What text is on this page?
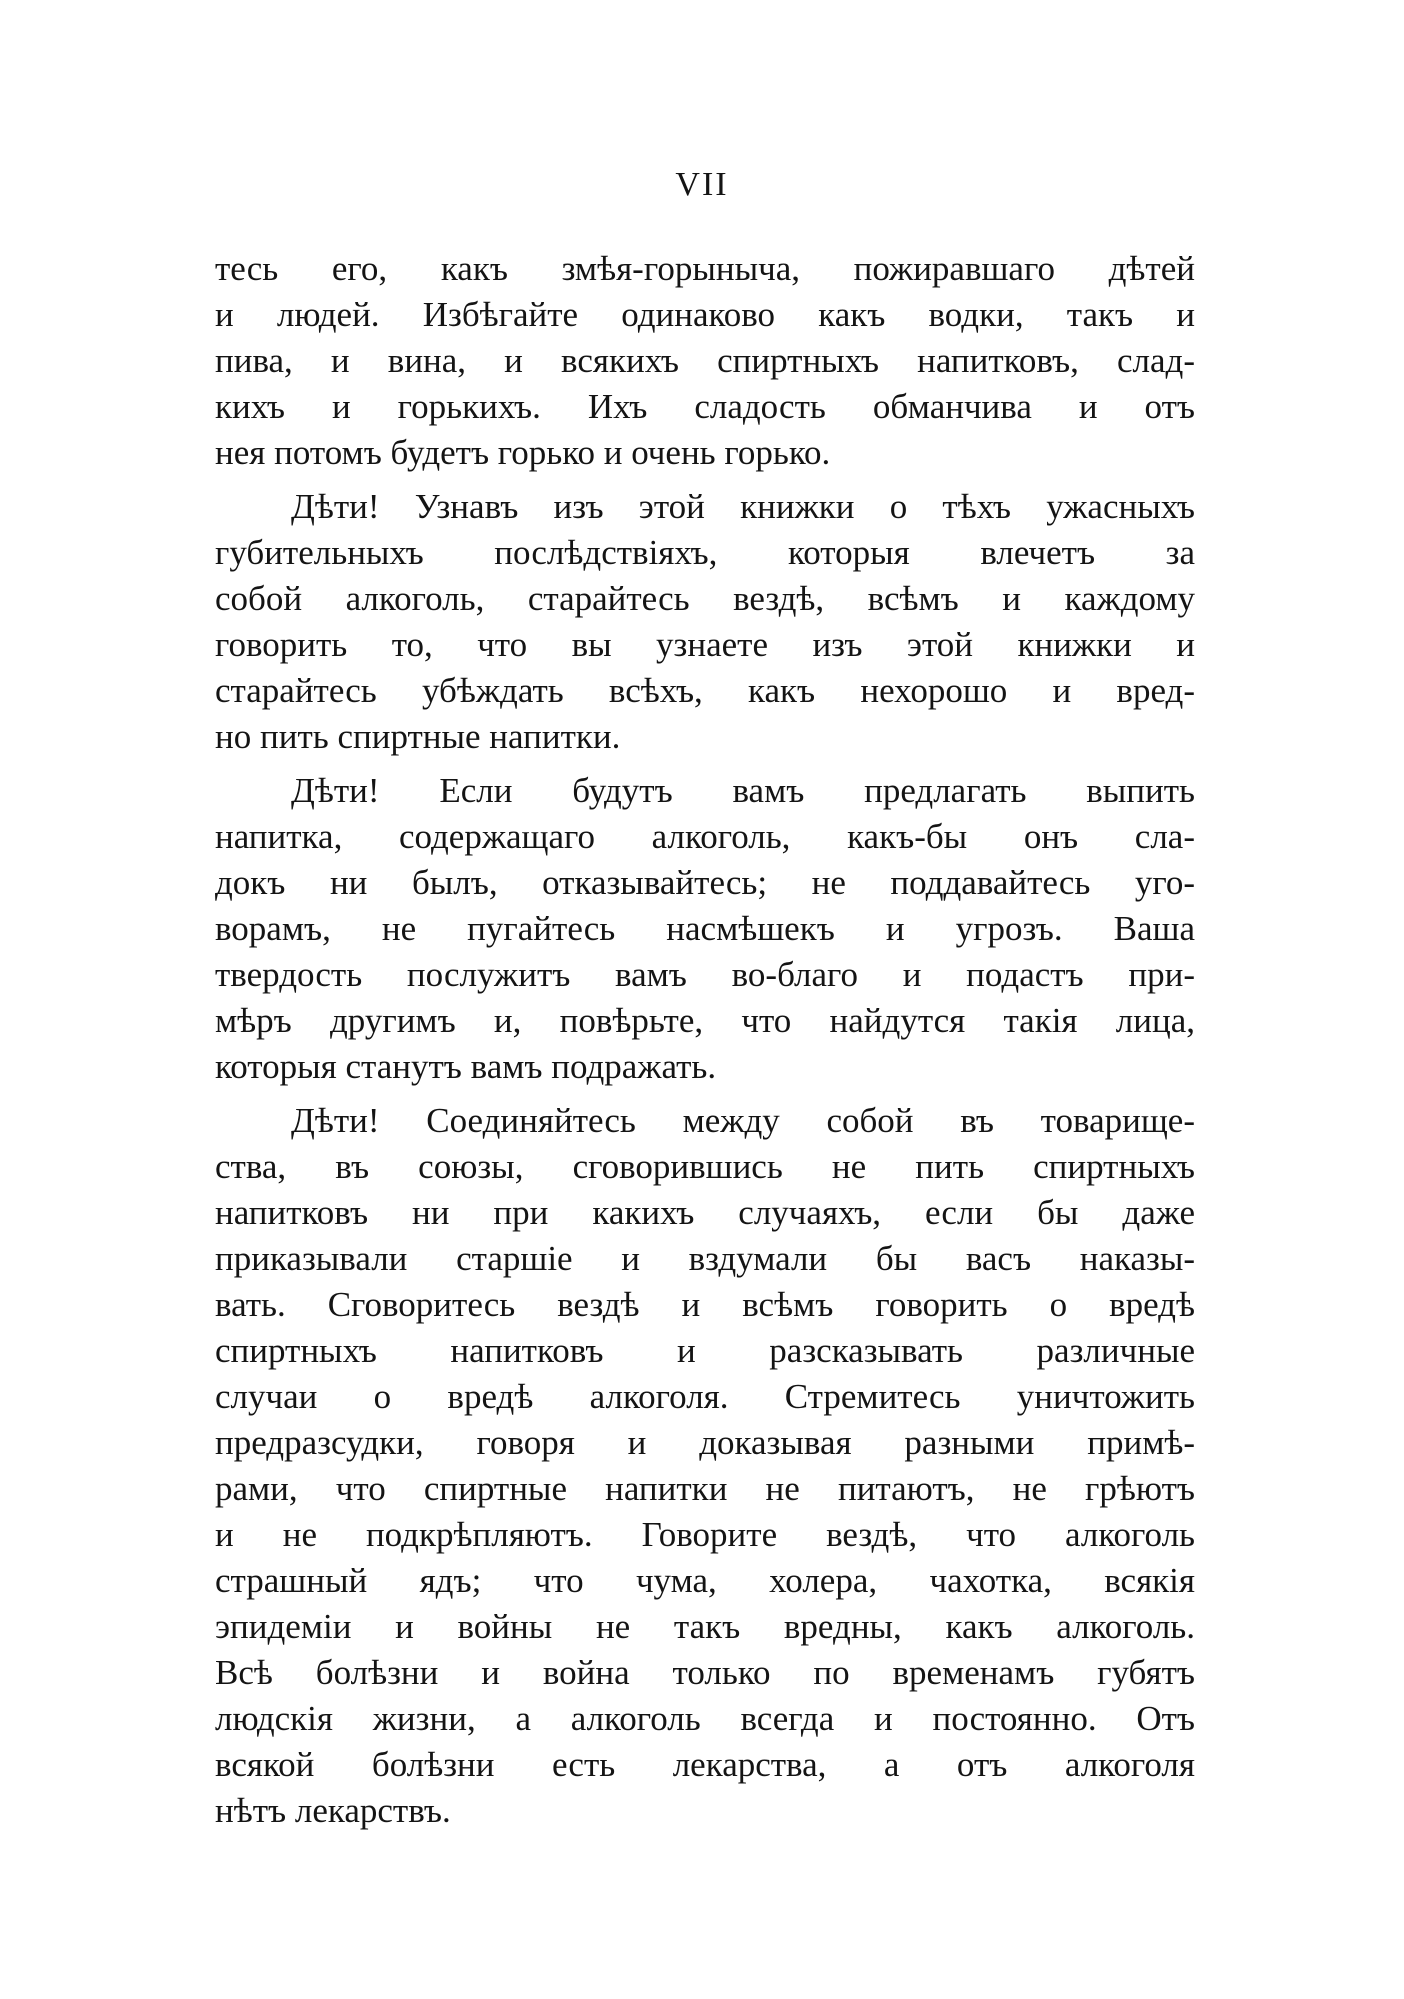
VII
тесь его, какъ змѣя-горыныча, пожиравшаго дѣтей
и людей. Избѣгайте одинаково какъ водки, такъ и
пива, и вина, и всякихъ спиртныхъ напитковъ, слад-
кихъ и горькихъ. Ихъ сладость обманчива и отъ
нея потомъ будетъ горько и очень горько.
Дѣти! Узнавъ изъ этой книжки о тѣхъ ужасныхъ
губительныхъ послѣдствіяхъ, которыя влечетъ за
собой алкоголь, старайтесь вездѣ, всѣмъ и каждому
говорить то, что вы узнаете изъ этой книжки и
старайтесь убѣждать всѣхъ, какъ нехорошо и вред-
но пить спиртные напитки.
Дѣти! Если будутъ вамъ предлагать выпить
напитка, содержащаго алкоголь, какъ-бы онъ сла-
докъ ни былъ, отказывайтесь; не поддавайтесь уго-
ворамъ, не пугайтесь насмѣшекъ и угрозъ. Ваша
твердость послужитъ вамъ во-благо и подастъ при-
мѣръ другимъ и, повѣрьте, что найдутся такія лица,
которыя станутъ вамъ подражать.
Дѣти! Соединяйтесь между собой въ товарище-
ства, въ союзы, сговорившись не пить спиртныхъ
напитковъ ни при какихъ случаяхъ, если бы даже
приказывали старшіе и вздумали бы васъ наказы-
вать. Сговоритесь вездѣ и всѣмъ говорить о вредѣ
спиртныхъ напитковъ и разсказывать различные
случаи о вредѣ алкоголя. Стремитесь уничтожить
предразсудки, говоря и доказывая разными примѣ-
рами, что спиртные напитки не питаютъ, не грѣютъ
и не подкрѣпляютъ. Говорите вездѣ, что алкоголь
страшный ядъ; что чума, холера, чахотка, всякія
эпидеміи и войны не такъ вредны, какъ алкоголь.
Всѣ болѣзни и война только по временамъ губятъ
людскія жизни, а алкоголь всегда и постоянно. Отъ
всякой болѣзни есть лекарства, а отъ алкоголя
нѣтъ лекарствъ.
